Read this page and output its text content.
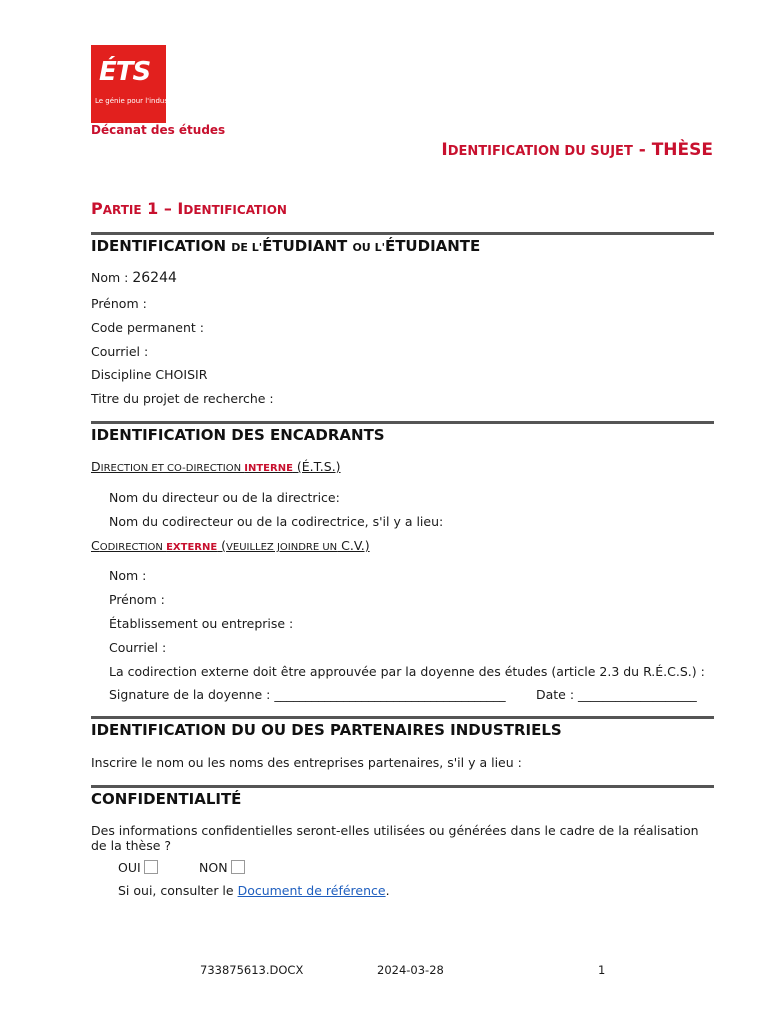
ÉTS
Le génie pour l'industrie
Décanat des études
IDENTIFICATION DU SUJET - THÈSE
PARTIE 1 – IDENTIFICATION
IDENTIFICATION DE L'ÉTUDIANT OU L'ÉTUDIANTE
Nom : 26244
Prénom :
Code permanent :
Courriel :
Discipline CHOISIR
Titre du projet de recherche :
IDENTIFICATION DES ENCADRANTS
DIRECTION ET CO-DIRECTION INTERNE (É.T.S.)
Nom du directeur ou de la directrice:
Nom du codirecteur ou de la codirectrice, s'il y a lieu:
CODIRECTION EXTERNE (VEUILLEZ JOINDRE UN C.V.)
Nom :
Prénom :
Établissement ou entreprise :
Courriel :
La codirection externe doit être approuvée par la doyenne des études (article 2.3 du R.É.C.S.) :
Signature de la doyenne : _____________________________________ Date : ___________________
IDENTIFICATION DU OU DES PARTENAIRES INDUSTRIELS
Inscrire le nom ou les noms des entreprises partenaires, s'il y a lieu :
CONFIDENTIALITÉ
Des informations confidentielles seront-elles utilisées ou générées dans le cadre de la réalisation
de la thèse ?
OUI	NON
Si oui, consulter le Document de référence.
733875613.DOCX	2024-03-28	1
